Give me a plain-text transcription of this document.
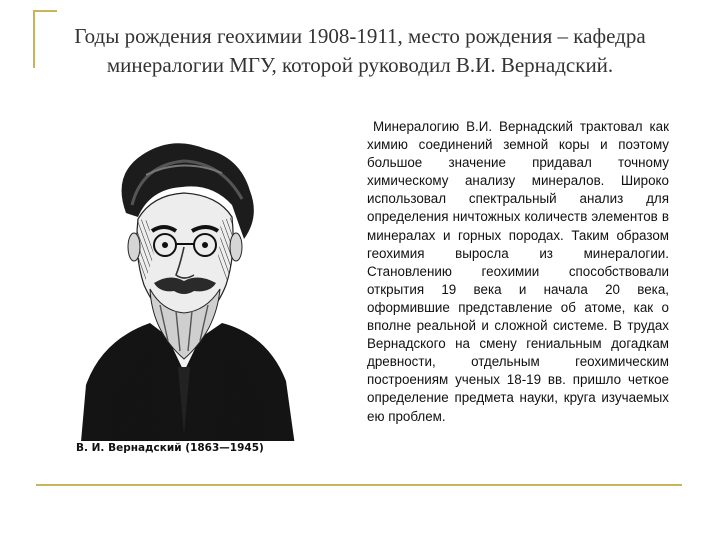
Годы рождения геохимии 1908-1911, место рождения – кафедра
минералогии МГУ, которой руководил В.И. Вернадский.
В. И. Вернадский (1863—1945)
Минералогию В.И. Вернадский трактовал как химию соединений земной коры и поэтому большое значение придавал точному химическому анализу минералов. Широко использовал спектральный анализ для определения ничтожных количеств элементов в минералах и горных породах. Таким образом геохимия выросла из минералогии. Становлению геохимии способствовали открытия 19 века и начала 20 века, оформившие представление об атоме, как о вполне реальной и сложной системе. В трудах Вернадского на смену гениальным догадкам древности, отдельным геохимическим построениям ученых 18-19 вв. пришло четкое определение предмета науки, круга изучаемых ею проблем.
